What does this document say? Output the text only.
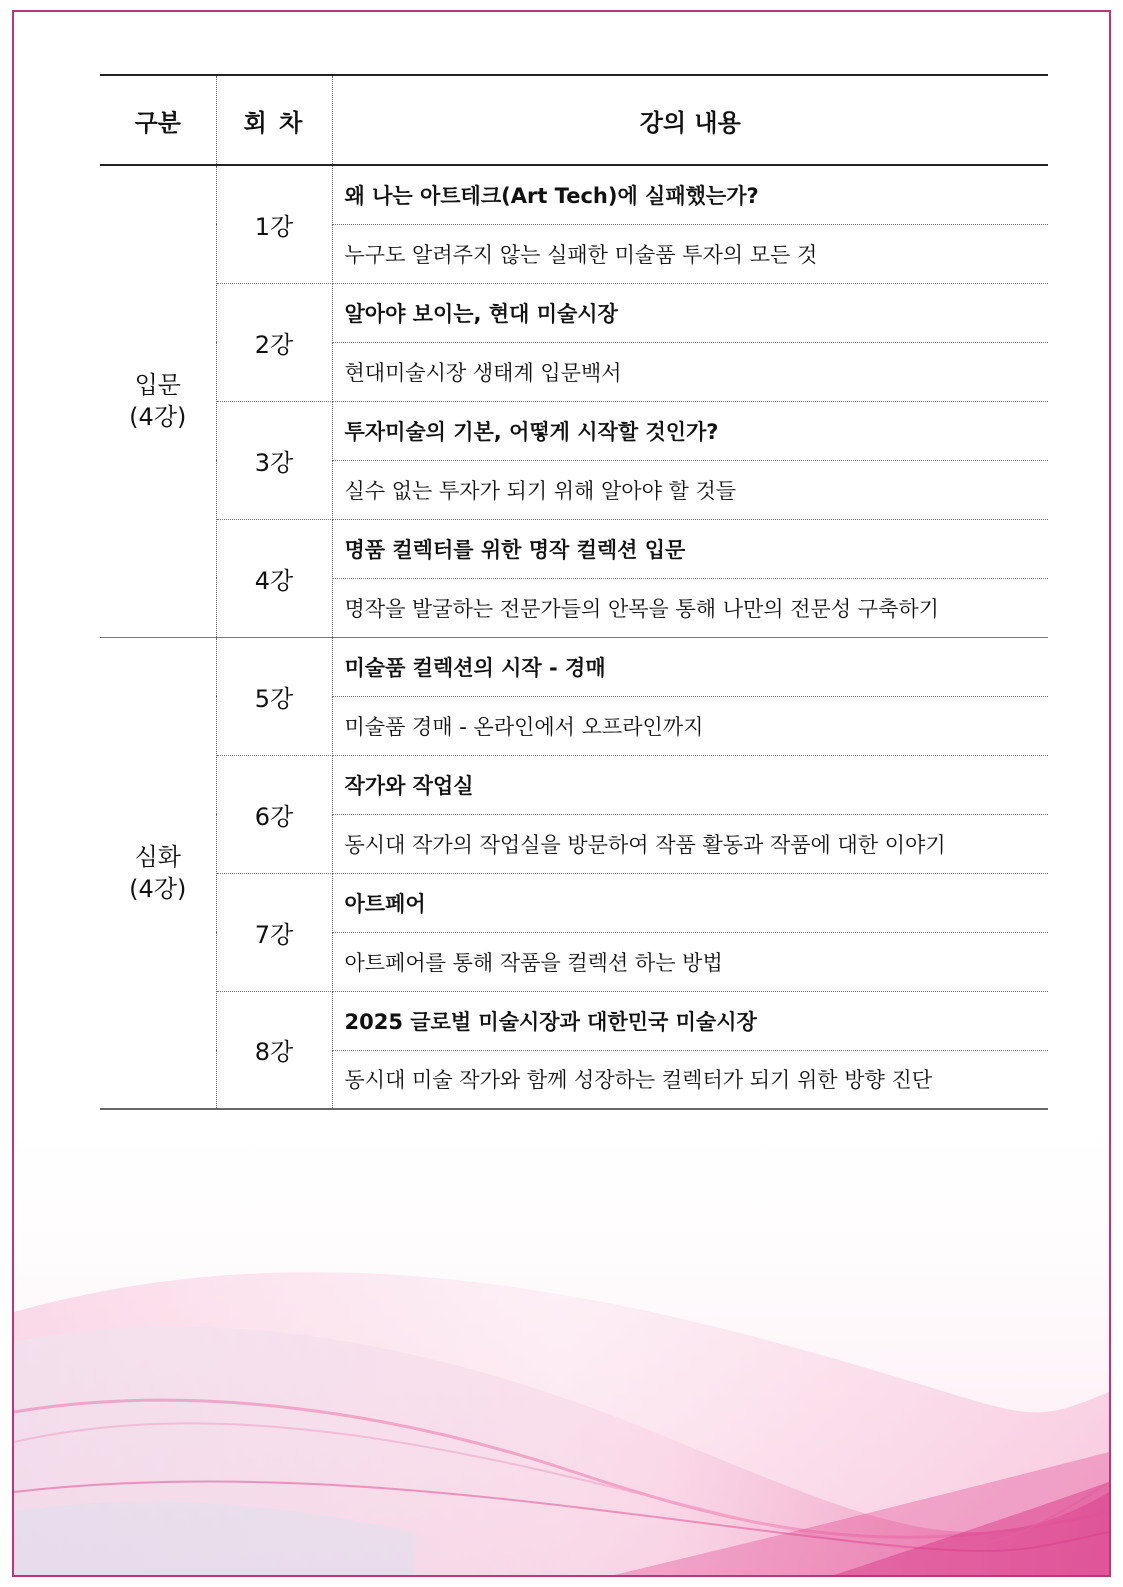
구분	회 차	강의 내용

입문
(4강)	1강	왜 나는 아트테크(Art Tech)에 실패했는가?
		누구도 알려주지 않는 실패한 미술품 투자의 모든 것
	2강	알아야 보이는, 현대 미술시장
		현대미술시장 생태계 입문백서
	3강	투자미술의 기본, 어떻게 시작할 것인가?
		실수 없는 투자가 되기 위해 알아야 할 것들
	4강	명품 컬렉터를 위한 명작 컬렉션 입문
		명작을 발굴하는 전문가들의 안목을 통해 나만의 전문성 구축하기

심화
(4강)	5강	미술품 컬렉션의 시작 - 경매
		미술품 경매 - 온라인에서 오프라인까지
	6강	작가와 작업실
		동시대 작가의 작업실을 방문하여 작품 활동과 작품에 대한 이야기
	7강	아트페어
		아트페어를 통해 작품을 컬렉션 하는 방법
	8강	2025 글로벌 미술시장과 대한민국 미술시장
		동시대 미술 작가와 함께 성장하는 컬렉터가 되기 위한 방향 진단
